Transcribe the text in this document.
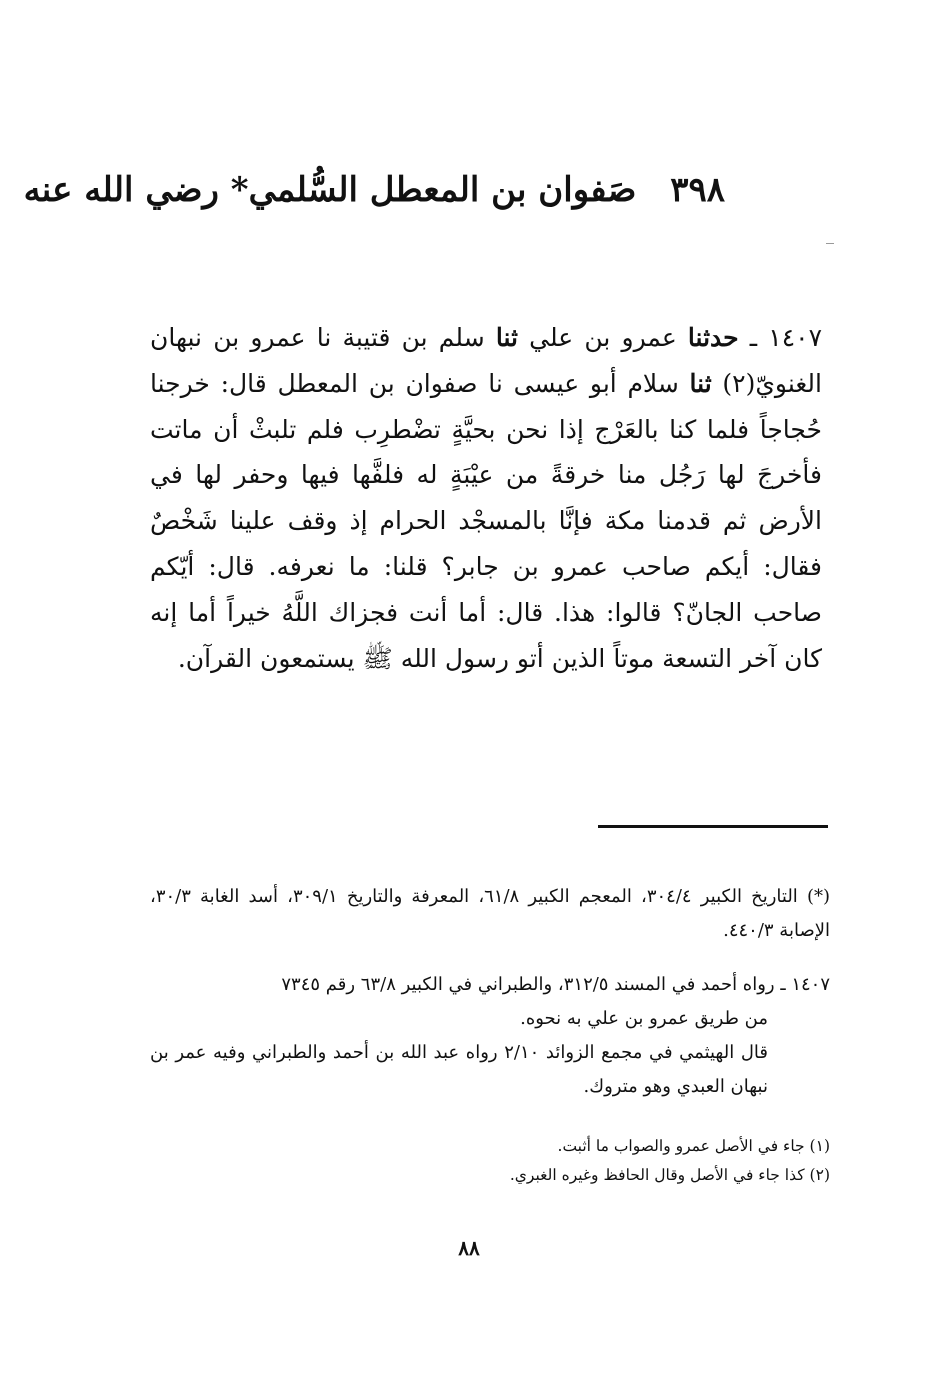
٣٩٨ صَفوان بن المعطل السُّلمي* رضي الله عنه
١٤٠٧ ـ حدثنا عمرو بن علي ثنا سلم بن قتيبة نا عمرو بن نبهان الغنويّ(٢) ثنا سلام أبو عيسى نا صفوان بن المعطل قال: خرجنا حُجاجاً فلما كنا بالعَرْج إذا نحن بحيَّةٍ تضْطرِب فلم تلبثْ أن ماتت فأخرجَ لها رَجُل منا خرقةً من عيْبَةٍ له فلفَّها فيها وحفر لها في الأرض ثم قدمنا مكة فإنَّا بالمسجْد الحرام إذ وقف علينا شَخْصٌ فقال: أيكم صاحب عمرو بن جابر؟ قلنا: ما نعرفه. قال: أيّكم صاحب الجانّ؟ قالوا: هذا. قال: أما أنت فجزاك اللَّهُ خيراً أما إنه كان آخر التسعة موتاً الذين أتو رسول الله ﷺ يستمعون القرآن.
(*) التاريخ الكبير ٣٠٤/٤، المعجم الكبير ٦١/٨، المعرفة والتاريخ ٣٠٩/١، أسد الغابة ٣٠/٣، الإصابة ٤٤٠/٣.
١٤٠٧ ـ رواه أحمد في المسند ٣١٢/٥، والطبراني في الكبير ٦٣/٨ رقم ٧٣٤٥
من طريق عمرو بن علي به نحوه.
قال الهيثمي في مجمع الزوائد ٢/١٠ رواه عبد الله بن أحمد والطبراني وفيه عمر بن نبهان العبدي وهو متروك.
(١) جاء في الأصل عمرو والصواب ما أثبت.
(٢) كذا جاء في الأصل وقال الحافظ وغيره الغبري.
٨٨
